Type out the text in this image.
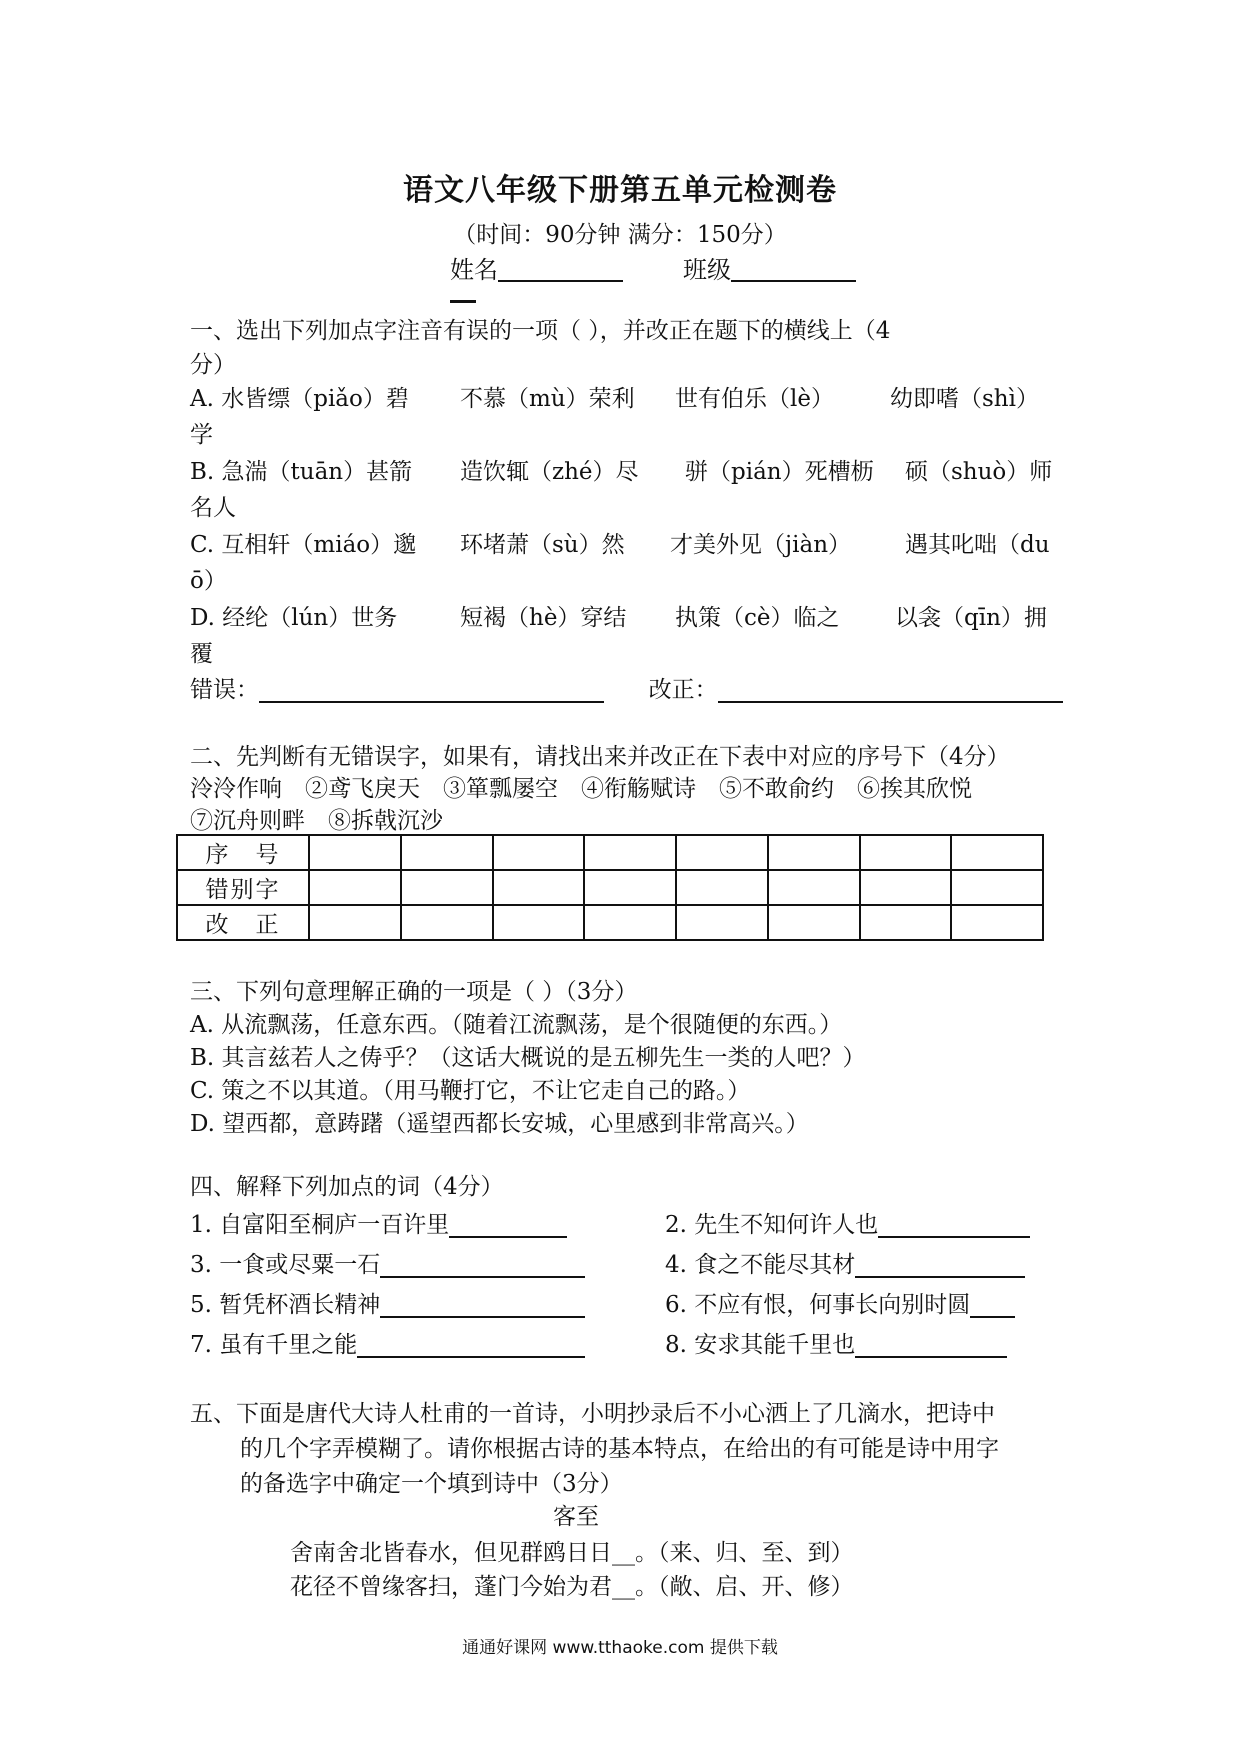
语文八年级下册第五单元检测卷
（时间：90分钟 满分：150分）
姓名	班级
一、选出下列加点字注音有误的一项（ ），并改正在题下的横线上（4
分）
A. 水皆缥（piǎo）碧 不慕（mù）荣利 世有伯乐（lè） 幼即嗜（shì）
学
B. 急湍（tuān）甚箭 造饮辄（zhé）尽 骈（pián）死槽枥 硕（shuò）师
名人
C. 互相轩（miáo）邈 环堵萧（sù）然 才美外见（jiàn） 遇其叱咄（du
ō）
D. 经纶（lún）世务	短褐（hè）穿结 执策（cè）临之 以衾（qīn）拥
覆
错误：	改正：
二、先判断有无错误字，如果有，请找出来并改正在下表中对应的序号下（4分）
泠泠作响　②鸢飞戾天　③箪瓢屡空　④衔觞赋诗　⑤不敢俞约　⑥挨其欣悦
⑦沉舟则畔　⑧拆戟沉沙
序　号								
错别字								
改　正								
三、下列句意理解正确的一项是（ ）（3分）
A. 从流飘荡，任意东西。（随着江流飘荡，是个很随便的东西。）
B. 其言兹若人之俦乎？（这话大概说的是五柳先生一类的人吧？）
C. 策之不以其道。（用马鞭打它，不让它走自己的路。）
D. 望西都，意踌躇（遥望西都长安城，心里感到非常高兴。）
四、解释下列加点的词（4分）
1. 自富阳至桐庐一百许里	2. 先生不知何许人也
3. 一食或尽粟一石	4. 食之不能尽其材
5. 暂凭杯酒长精神	6. 不应有恨，何事长向别时圆
7. 虽有千里之能	8. 安求其能千里也
五、下面是唐代大诗人杜甫的一首诗，小明抄录后不小心洒上了几滴水，把诗中
的几个字弄模糊了。请你根据古诗的基本特点，在给出的有可能是诗中用字
的备选字中确定一个填到诗中（3分）
客至
舍南舍北皆春水，但见群鸥日日__。（来、归、至、到）
花径不曾缘客扫，蓬门今始为君__。（敞、启、开、修）
通通好课网 www.tthaoke.com 提供下载
